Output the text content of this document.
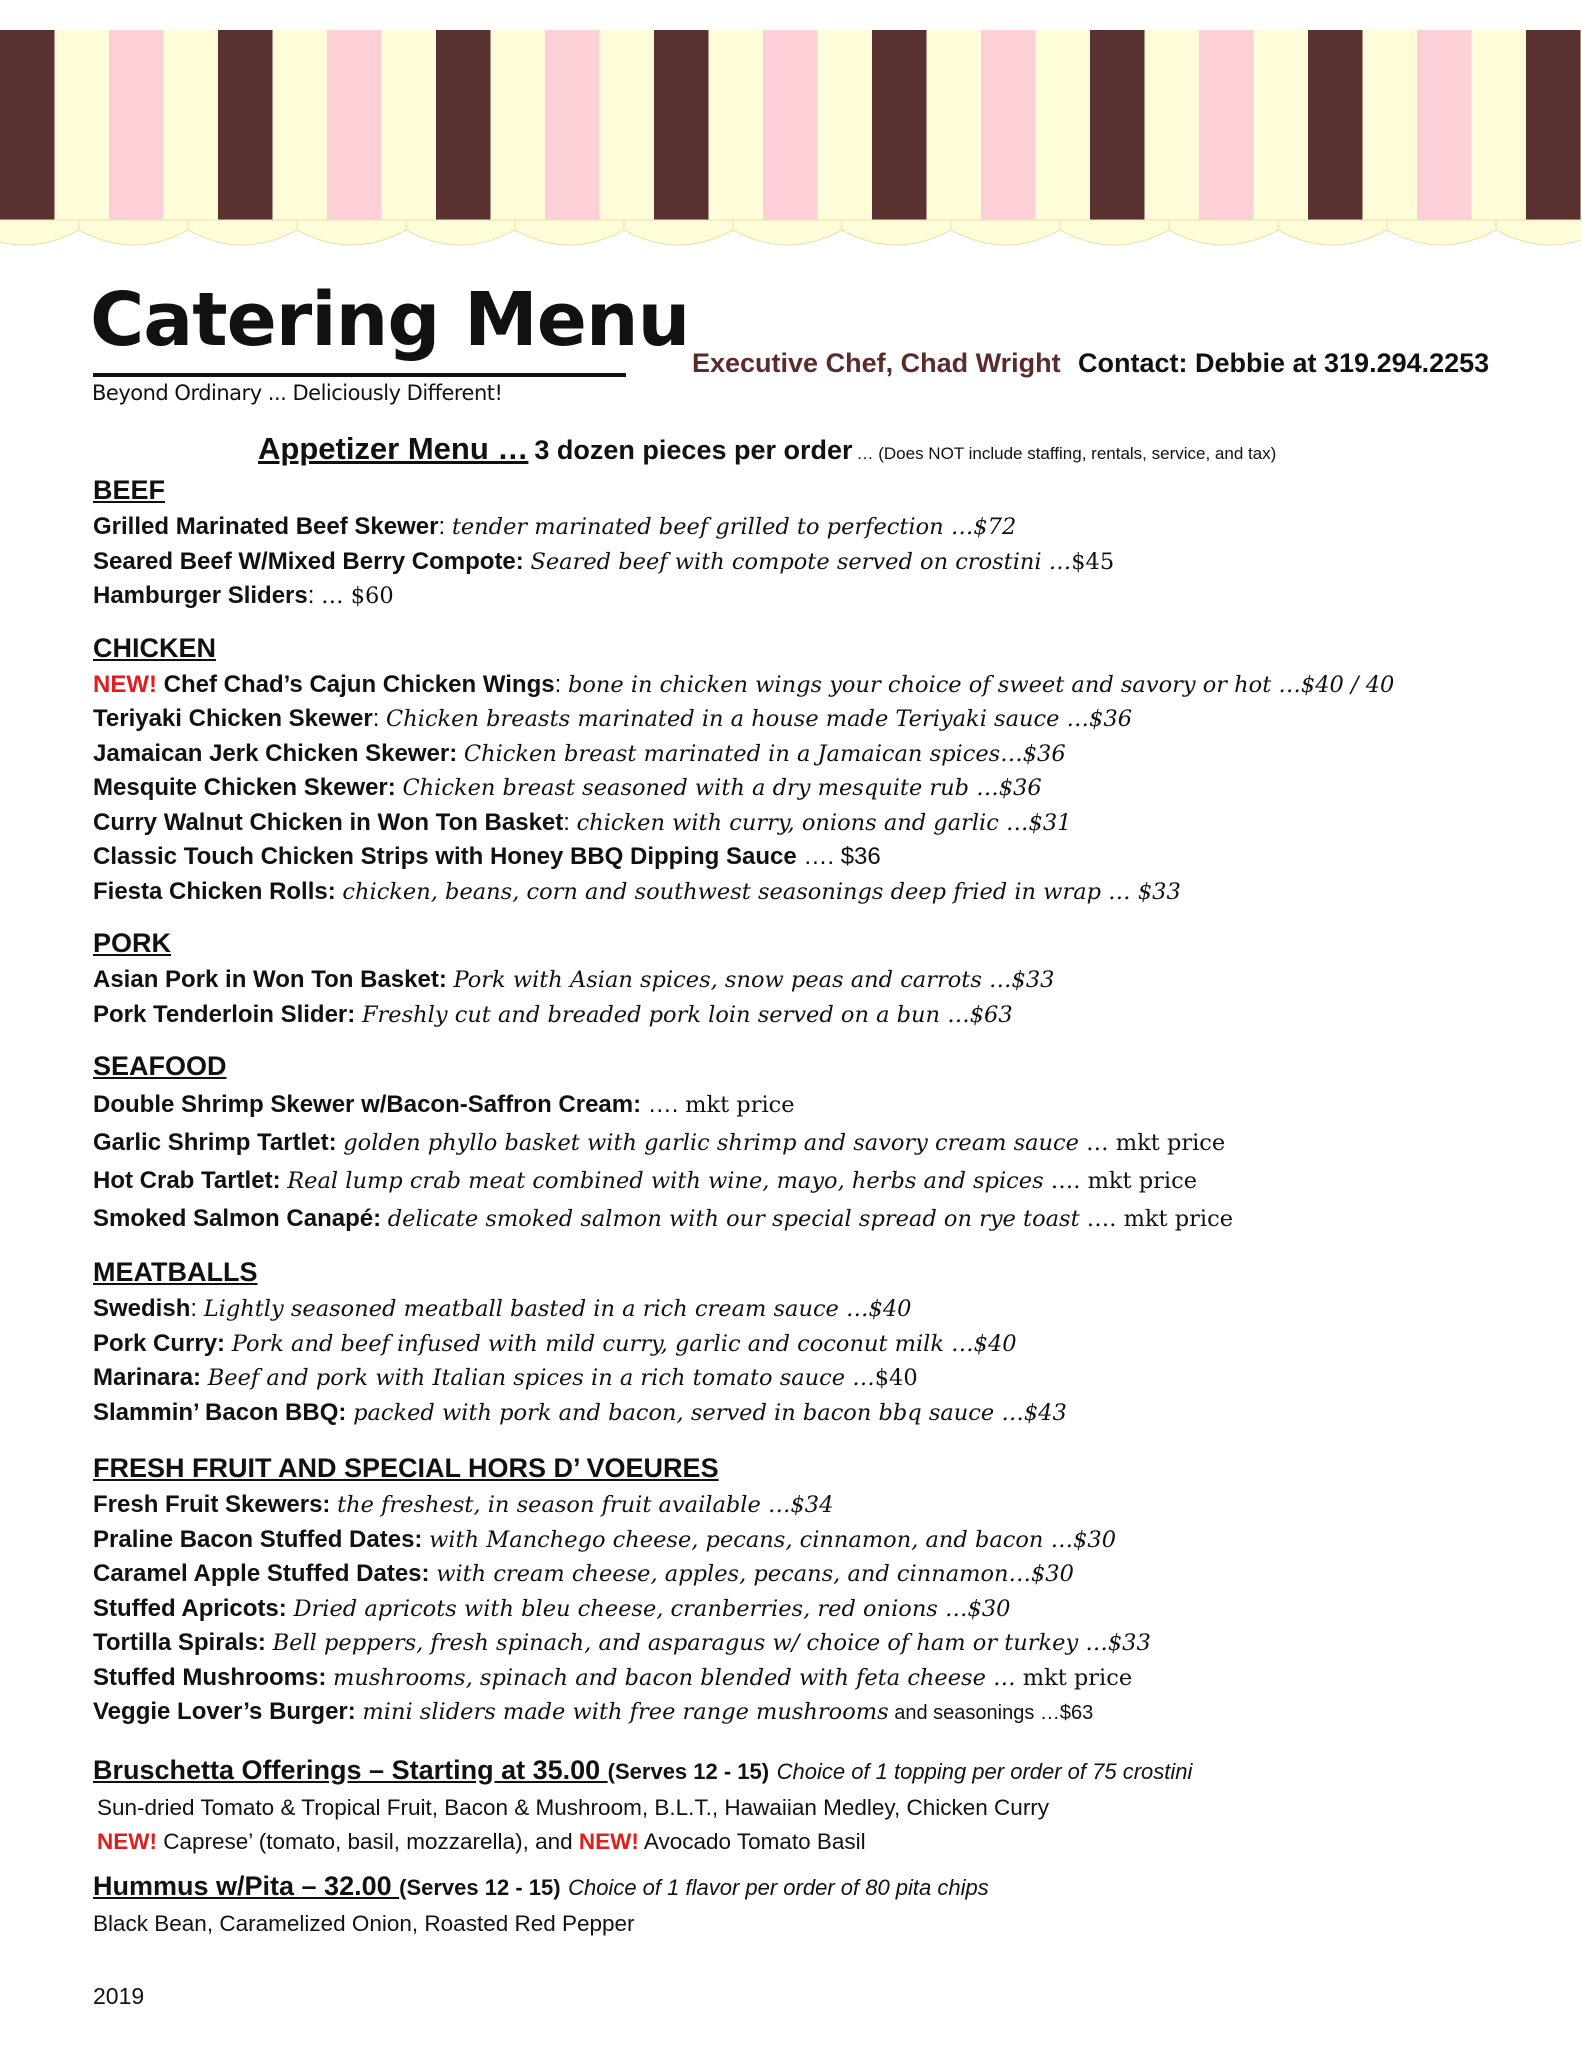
Catering Menu

Beyond Ordinary ... Deliciously Different!

Executive Chef, Chad Wright Contact: Debbie at 319.294.2253
Appetizer Menu … 3 dozen pieces per order … (Does NOT include staffing, rentals, service, and tax)
BEEF
Grilled Marinated Beef Skewer: tender marinated beef grilled to perfection …$72
Seared Beef W/Mixed Berry Compote: Seared beef with compote served on crostini …$45
Hamburger Sliders: … $60
CHICKEN
NEW! Chef Chad’s Cajun Chicken Wings: bone in chicken wings your choice of sweet and savory or hot …$40 / 40
Teriyaki Chicken Skewer: Chicken breasts marinated in a house made Teriyaki sauce …$36
Jamaican Jerk Chicken Skewer: Chicken breast marinated in a Jamaican spices…$36
Mesquite Chicken Skewer: Chicken breast seasoned with a dry mesquite rub …$36
Curry Walnut Chicken in Won Ton Basket: chicken with curry, onions and garlic …$31
Classic Touch Chicken Strips with Honey BBQ Dipping Sauce …. $36
Fiesta Chicken Rolls: chicken, beans, corn and southwest seasonings deep fried in wrap … $33
PORK
Asian Pork in Won Ton Basket: Pork with Asian spices, snow peas and carrots …$33
Pork Tenderloin Slider: Freshly cut and breaded pork loin served on a bun …$63
SEAFOOD
Double Shrimp Skewer w/Bacon-Saffron Cream: …. mkt price
Garlic Shrimp Tartlet: golden phyllo basket with garlic shrimp and savory cream sauce … mkt price
Hot Crab Tartlet: Real lump crab meat combined with wine, mayo, herbs and spices …. mkt price
Smoked Salmon Canapé: delicate smoked salmon with our special spread on rye toast …. mkt price
MEATBALLS
Swedish: Lightly seasoned meatball basted in a rich cream sauce …$40
Pork Curry: Pork and beef infused with mild curry, garlic and coconut milk …$40
Marinara: Beef and pork with Italian spices in a rich tomato sauce …$40
Slammin’ Bacon BBQ: packed with pork and bacon, served in bacon bbq sauce …$43
FRESH FRUIT AND SPECIAL HORS D’ VOEURES
Fresh Fruit Skewers: the freshest, in season fruit available …$34
Praline Bacon Stuffed Dates: with Manchego cheese, pecans, cinnamon, and bacon …$30
Caramel Apple Stuffed Dates: with cream cheese, apples, pecans, and cinnamon…$30
Stuffed Apricots: Dried apricots with bleu cheese, cranberries, red onions …$30
Tortilla Spirals: Bell peppers, fresh spinach, and asparagus w/ choice of ham or turkey …$33
Stuffed Mushrooms: mushrooms, spinach and bacon blended with feta cheese … mkt price
Veggie Lover’s Burger: mini sliders made with free range mushrooms and seasonings …$63
Bruschetta Offerings – Starting at 35.00 (Serves 12 - 15) Choice of 1 topping per order of 75 crostini
Sun-dried Tomato & Tropical Fruit, Bacon & Mushroom, B.L.T., Hawaiian Medley, Chicken Curry
NEW! Caprese’ (tomato, basil, mozzarella), and NEW! Avocado Tomato Basil
Hummus w/Pita – 32.00 (Serves 12 - 15) Choice of 1 flavor per order of 80 pita chips
Black Bean, Caramelized Onion, Roasted Red Pepper
2019
